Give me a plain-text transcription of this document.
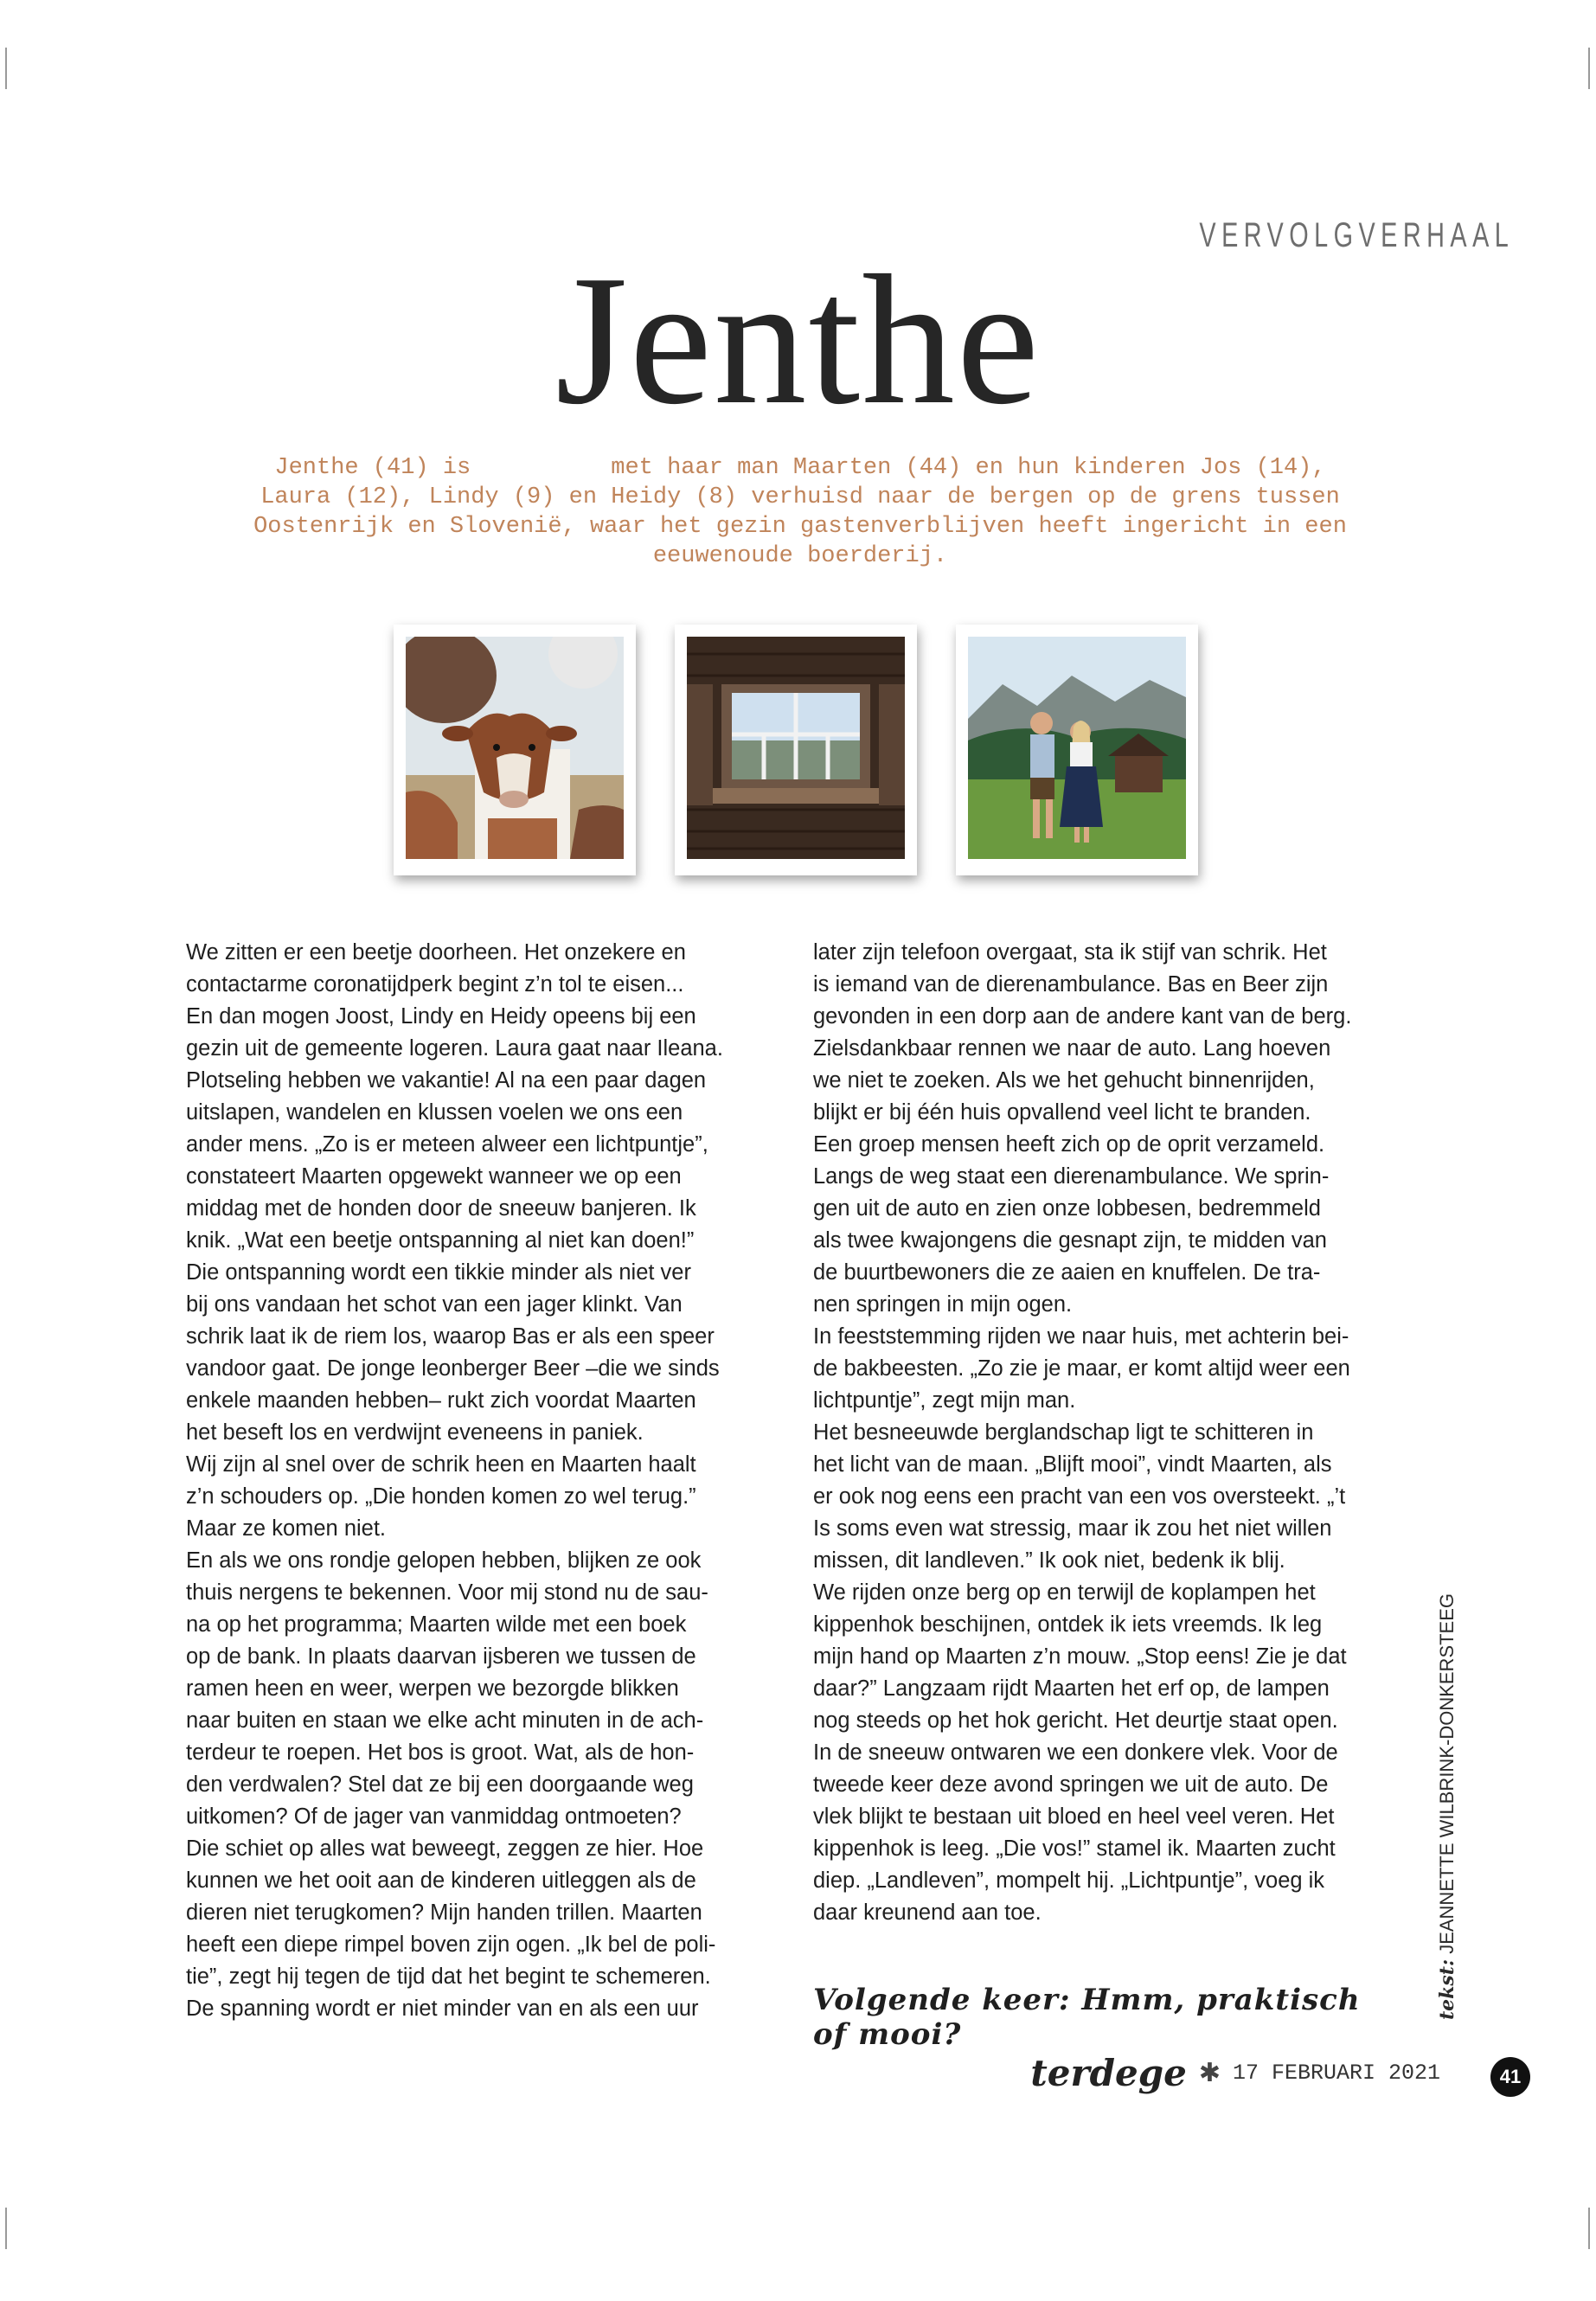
VERVOLGVERHAAL
Jenthe
Jenthe (41) is          met haar man Maarten (44) en hun kinderen Jos (14),
Laura (12), Lindy (9) en Heidy (8) verhuisd naar de bergen op de grens tussen
Oostenrijk en Slovenië, waar het gezin gastenverblijven heeft ingericht in een
eeuwenoude boerderij.
We zitten er een beetje doorheen. Het onzekere en
contactarme coronatijdperk begint z’n tol te eisen...
En dan mogen Joost, Lindy en Heidy opeens bij een
gezin uit de gemeente logeren. Laura gaat naar Ileana.
Plotseling hebben we vakantie! Al na een paar dagen
uitslapen, wandelen en klussen voelen we ons een
ander mens. „Zo is er meteen alweer een lichtpuntje”,
constateert Maarten opgewekt wanneer we op een
middag met de honden door de sneeuw banjeren. Ik
knik. „Wat een beetje ontspanning al niet kan doen!”
Die ontspanning wordt een tikkie minder als niet ver
bij ons vandaan het schot van een jager klinkt. Van
schrik laat ik de riem los, waarop Bas er als een speer
vandoor gaat. De jonge leonberger Beer –die we sinds
enkele maanden hebben– rukt zich voordat Maarten
het beseft los en verdwijnt eveneens in paniek.
Wij zijn al snel over de schrik heen en Maarten haalt
z’n schouders op. „Die honden komen zo wel terug.”
Maar ze komen niet.
En als we ons rondje gelopen hebben, blijken ze ook
thuis nergens te bekennen. Voor mij stond nu de sau-
na op het programma; Maarten wilde met een boek
op de bank. In plaats daarvan ijsberen we tussen de
ramen heen en weer, werpen we bezorgde blikken
naar buiten en staan we elke acht minuten in de ach-
terdeur te roepen. Het bos is groot. Wat, als de hon-
den verdwalen? Stel dat ze bij een doorgaande weg
uitkomen? Of de jager van vanmiddag ontmoeten?
Die schiet op alles wat beweegt, zeggen ze hier. Hoe
kunnen we het ooit aan de kinderen uitleggen als de
dieren niet terugkomen? Mijn handen trillen. Maarten
heeft een diepe rimpel boven zijn ogen. „Ik bel de poli-
tie”, zegt hij tegen de tijd dat het begint te schemeren.
De spanning wordt er niet minder van en als een uur
later zijn telefoon overgaat, sta ik stijf van schrik. Het
is iemand van de dierenambulance. Bas en Beer zijn
gevonden in een dorp aan de andere kant van de berg.
Zielsdankbaar rennen we naar de auto. Lang hoeven
we niet te zoeken. Als we het gehucht binnenrijden,
blijkt er bij één huis opvallend veel licht te branden.
Een groep mensen heeft zich op de oprit verzameld.
Langs de weg staat een dierenambulance. We sprin-
gen uit de auto en zien onze lobbesen, bedremmeld
als twee kwajongens die gesnapt zijn, te midden van
de buurtbewoners die ze aaien en knuffelen. De tra-
nen springen in mijn ogen.
In feeststemming rijden we naar huis, met achterin bei-
de bakbeesten. „Zo zie je maar, er komt altijd weer een
lichtpuntje”, zegt mijn man.
Het besneeuwde berglandschap ligt te schitteren in
het licht van de maan. „Blijft mooi”, vindt Maarten, als
er ook nog eens een pracht van een vos oversteekt. „’t
Is soms even wat stressig, maar ik zou het niet willen
missen, dit landleven.” Ik ook niet, bedenk ik blij.
We rijden onze berg op en terwijl de koplampen het
kippenhok beschijnen, ontdek ik iets vreemds. Ik leg
mijn hand op Maarten z’n mouw. „Stop eens! Zie je dat
daar?” Langzaam rijdt Maarten het erf op, de lampen
nog steeds op het hok gericht. Het deurtje staat open.
In de sneeuw ontwaren we een donkere vlek. Voor de
tweede keer deze avond springen we uit de auto. De
vlek blijkt te bestaan uit bloed en heel veel veren. Het
kippenhok is leeg. „Die vos!” stamel ik. Maarten zucht
diep. „Landleven”, mompelt hij. „Lichtpuntje”, voeg ik
daar kreunend aan toe.
Volgende keer: Hmm, praktisch of mooi?
tekst: JEANNETTE WILBRINK-DONKERSTEEG
terdege ✱ 17 FEBRUARI 2021	41
